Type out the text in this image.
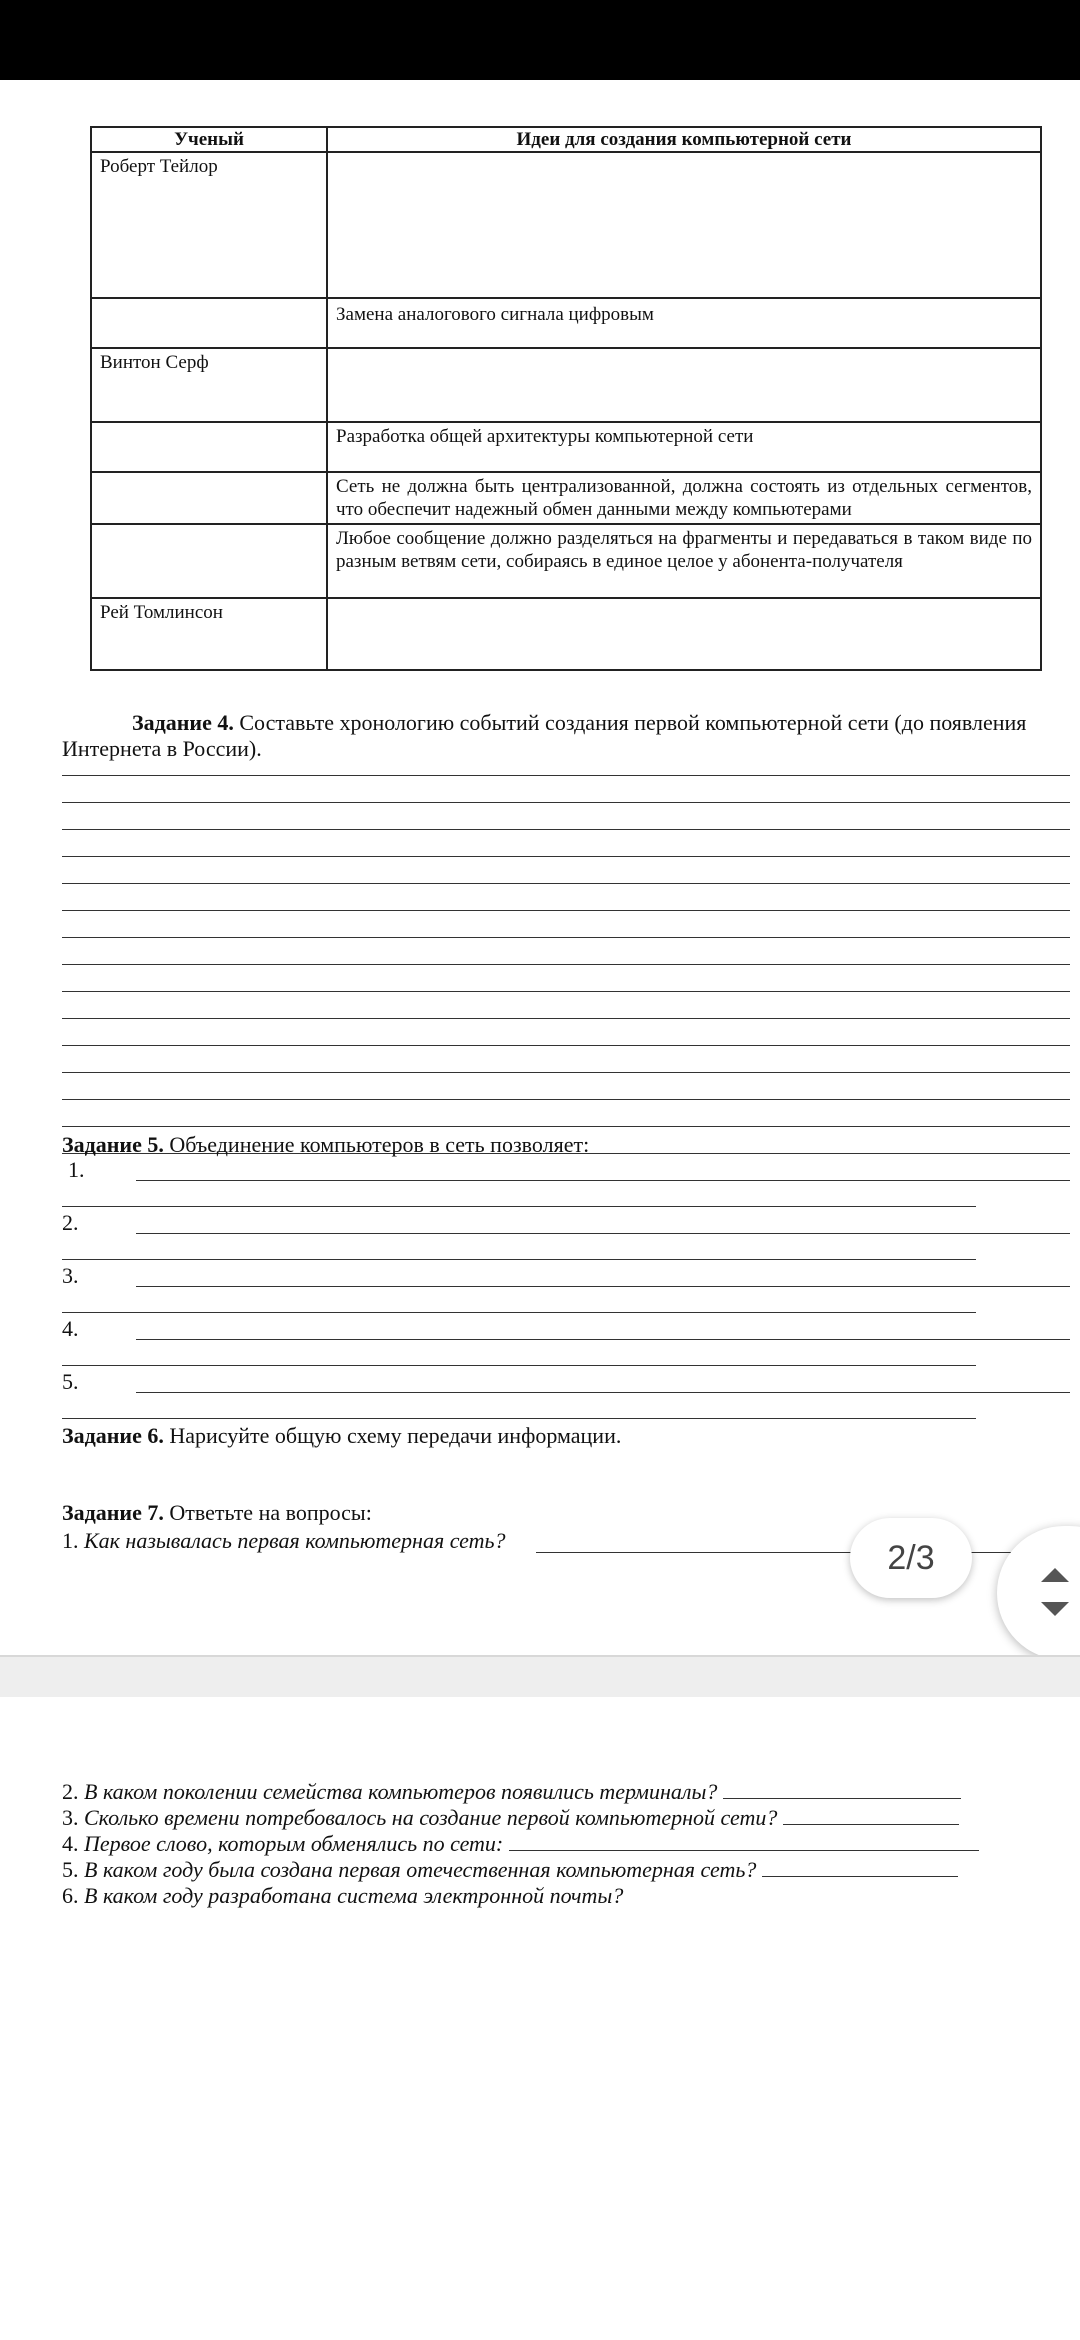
Ученый	Идеи для создания компьютерной сети
Роберт Тейлор	
	Замена аналогового сигнала цифровым
Винтон Серф	
	Разработка общей архитектуры компьютерной сети
	Сеть не должна быть централизованной, должна состоять из отдельных сегментов, что обеспечит надежный обмен данными между компьютерами
	Любое сообщение должно разделяться на фрагменты и передаваться в таком виде по разным ветвям сети, собираясь в единое целое у абонента-получателя
Рей Томлинсон	
Задание 4. Составьте хронологию событий создания первой компьютерной сети (до появления Интернета в России).
Задание 5. Объединение компьютеров в сеть позволяет:
1.
2.
3.
4.
5.
Задание 6. Нарисуйте общую схему передачи информации.
Задание 7. Ответьте на вопросы:
1. Как называлась первая компьютерная сеть?	2/3
2. В каком поколении семейства компьютеров появились терминалы?
3. Сколько времени потребовалось на создание первой компьютерной сети?
4. Первое слово, которым обменялись по сети:
5. В каком году была создана первая отечественная компьютерная сеть?
6. В каком году разработана система электронной почты?
